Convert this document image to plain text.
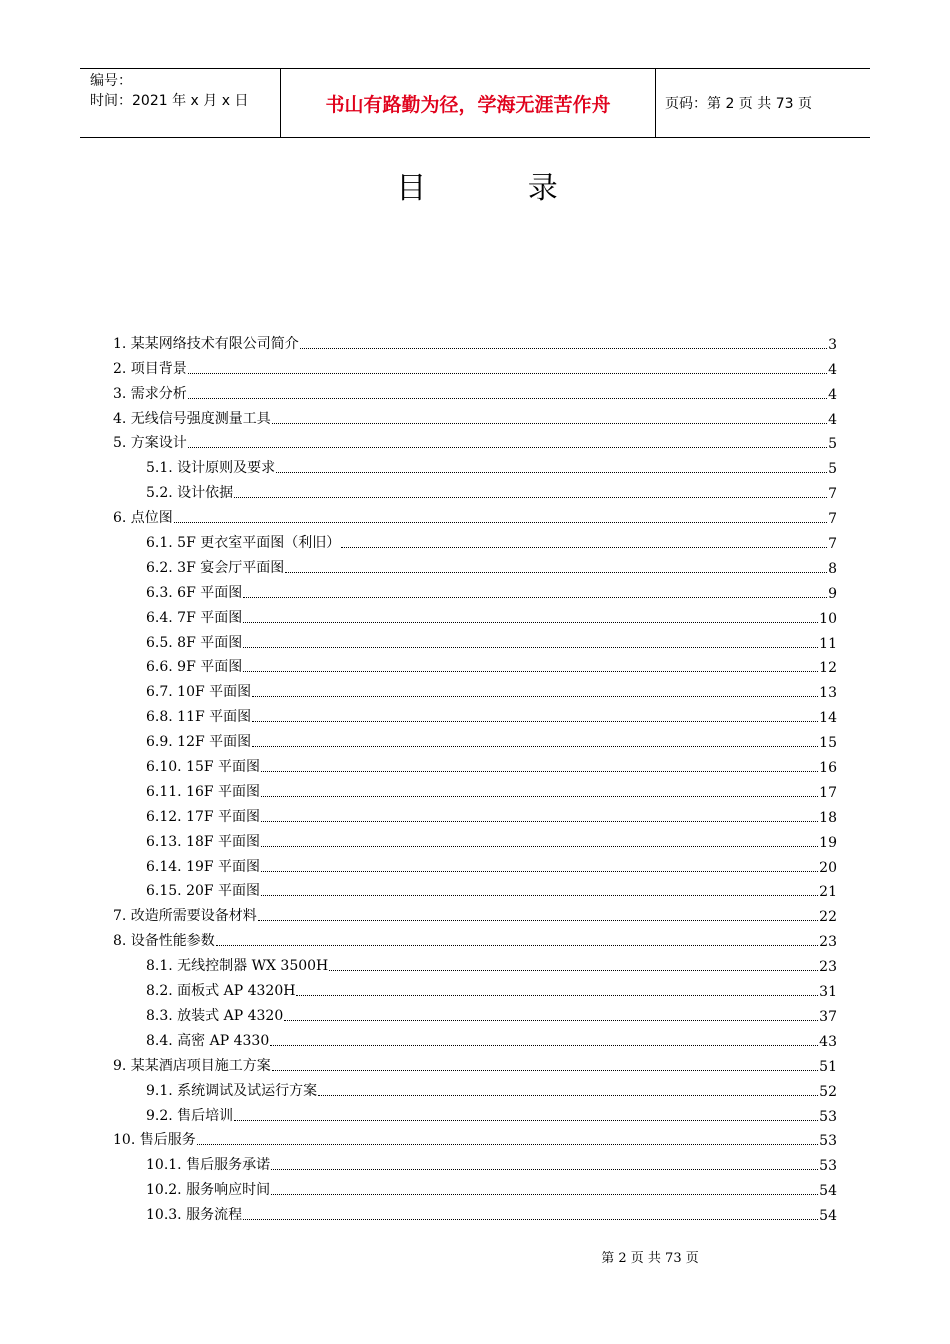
编号：
时间：2021 年 x 月 x 日	书山有路勤为径，学海无涯苦作舟	页码：第 2 页 共 73 页
目 录
1. 某某网络技术有限公司简介	3
2. 项目背景	4
3. 需求分析	4
4. 无线信号强度测量工具	4
5. 方案设计	5
5.1. 设计原则及要求	5
5.2. 设计依据	7
6. 点位图	7
6.1. 5F 更衣室平面图（利旧）	7
6.2. 3F 宴会厅平面图	8
6.3. 6F 平面图	9
6.4. 7F 平面图	10
6.5. 8F 平面图	11
6.6. 9F 平面图	12
6.7. 10F 平面图	13
6.8. 11F 平面图	14
6.9. 12F 平面图	15
6.10. 15F 平面图	16
6.11. 16F 平面图	17
6.12. 17F 平面图	18
6.13. 18F 平面图	19
6.14. 19F 平面图	20
6.15. 20F 平面图	21
7. 改造所需要设备材料	22
8. 设备性能参数	23
8.1. 无线控制器 WX 3500H	23
8.2. 面板式 AP 4320H	31
8.3. 放装式 AP 4320	37
8.4. 高密 AP 4330	43
9. 某某酒店项目施工方案	51
9.1. 系统调试及试运行方案	52
9.2. 售后培训	53
10. 售后服务	53
10.1. 售后服务承诺	53
10.2. 服务响应时间	54
10.3. 服务流程	54
第 2 页 共 73 页
